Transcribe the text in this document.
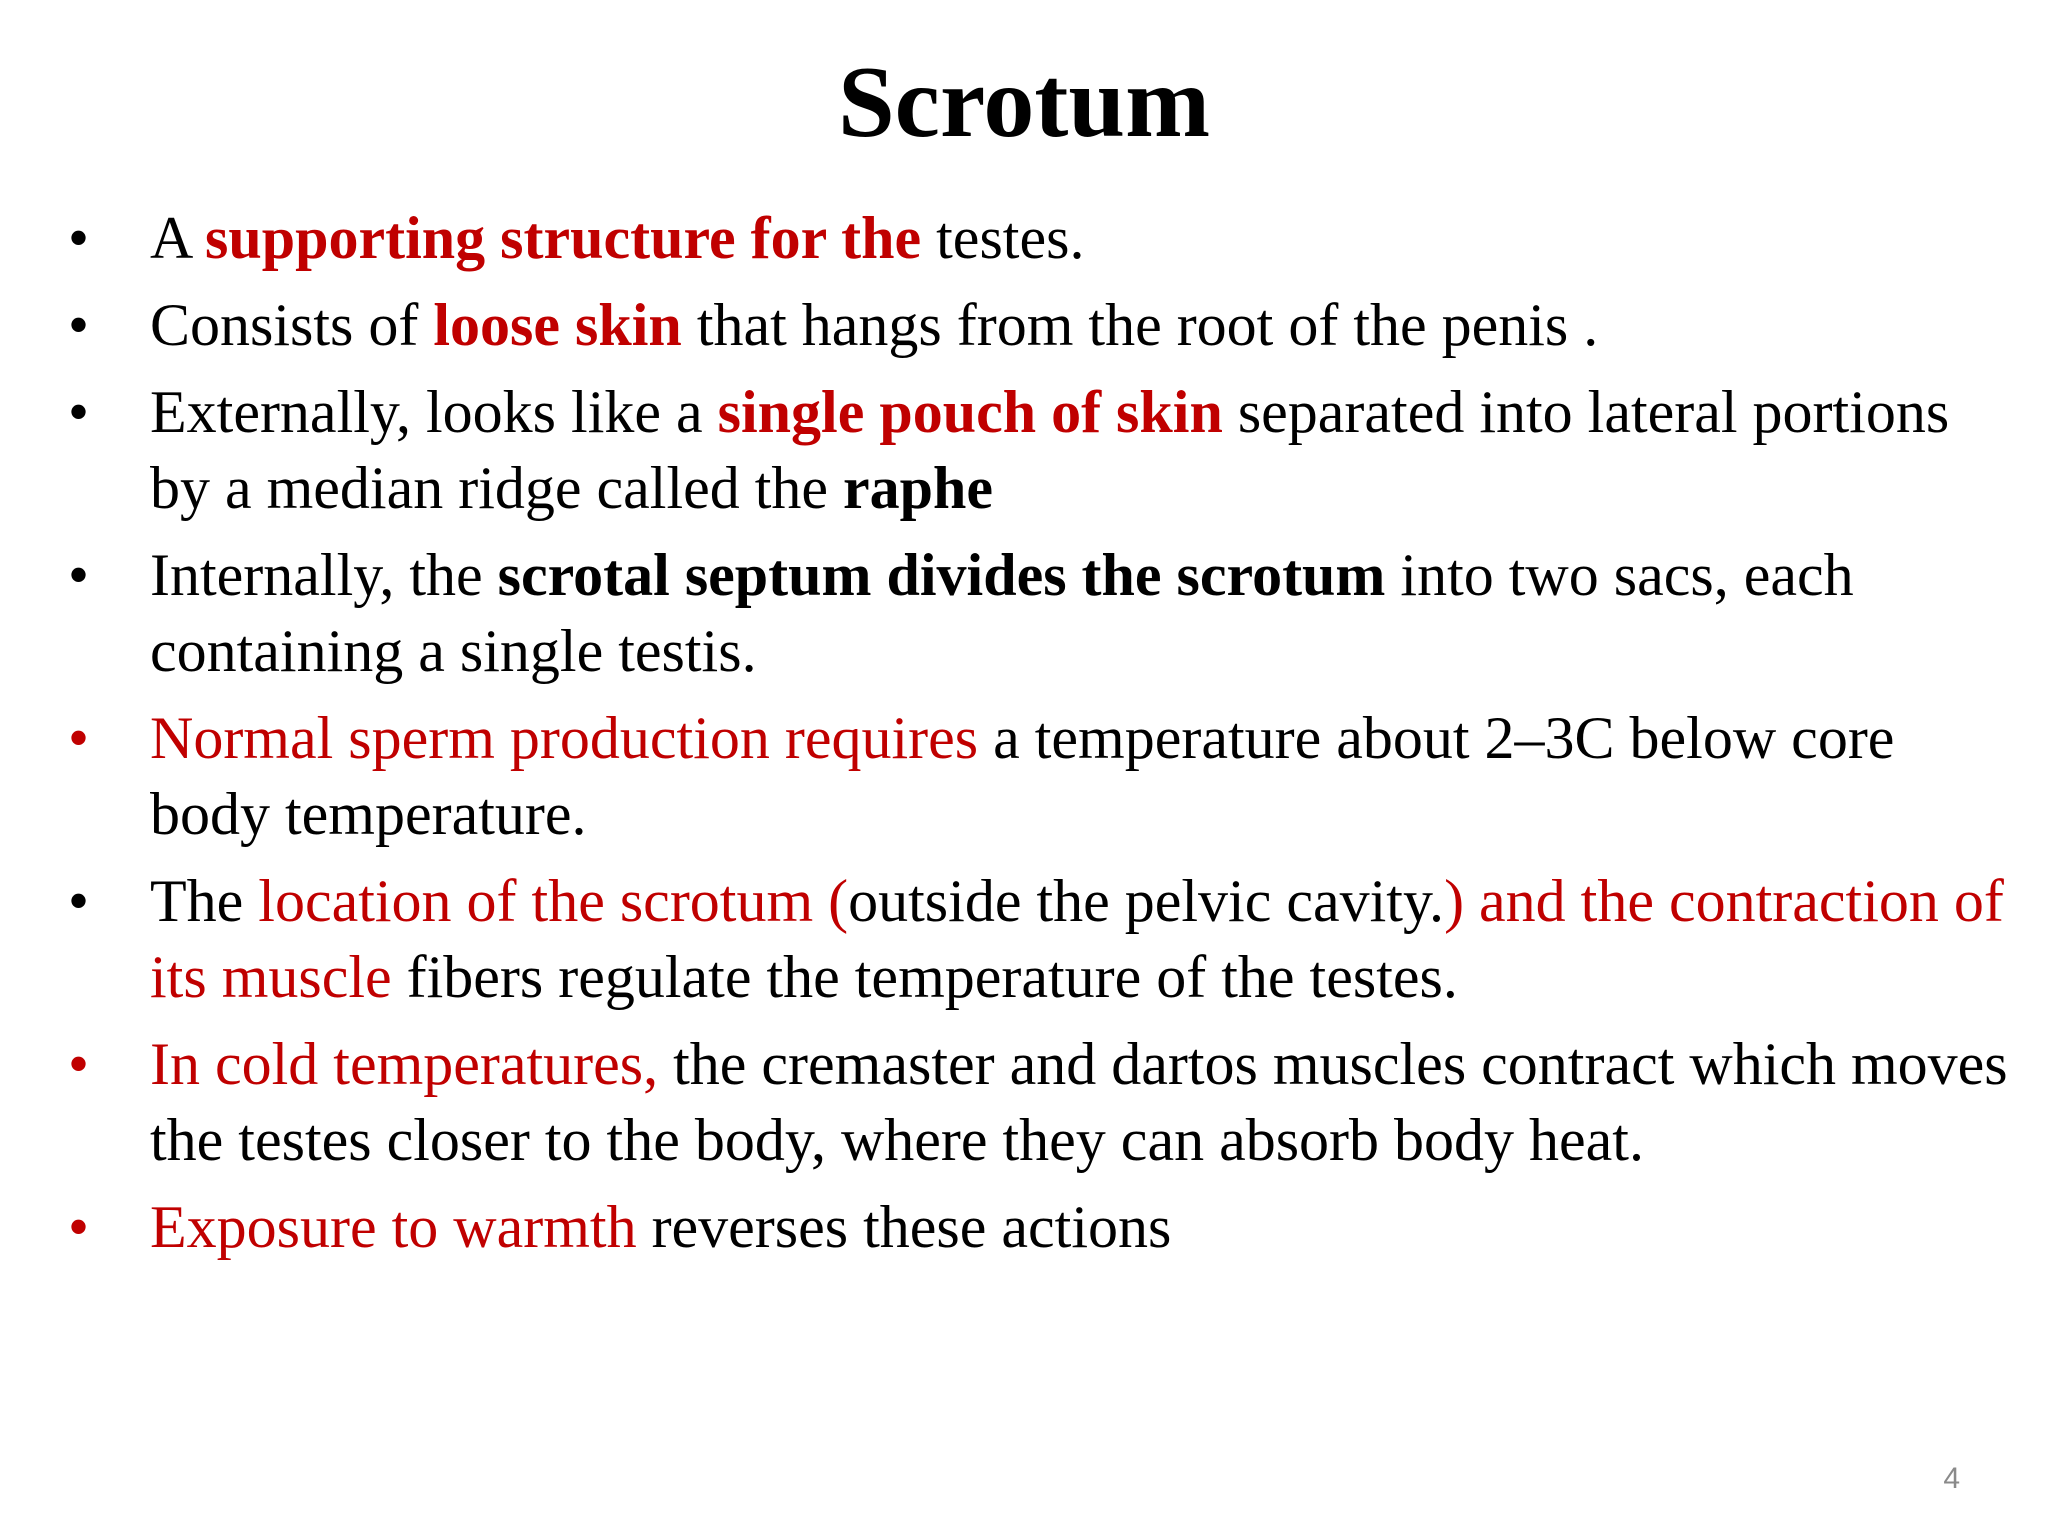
Scrotum
• A supporting structure for the testes.
• Consists of loose skin that hangs from the root of the penis .
• Externally, looks like a single pouch of skin separated into lateral portions by a median ridge called the raphe
• Internally, the scrotal septum divides the scrotum into two sacs, each containing a single testis.
• Normal sperm production requires a temperature about 2–3C below core body temperature.
• The location of the scrotum (outside the pelvic cavity.) and the contraction of its muscle fibers regulate the temperature of the testes.
• In cold temperatures, the cremaster and dartos muscles contract which moves the testes closer to the body, where they can absorb body heat.
• Exposure to warmth reverses these actions
4
